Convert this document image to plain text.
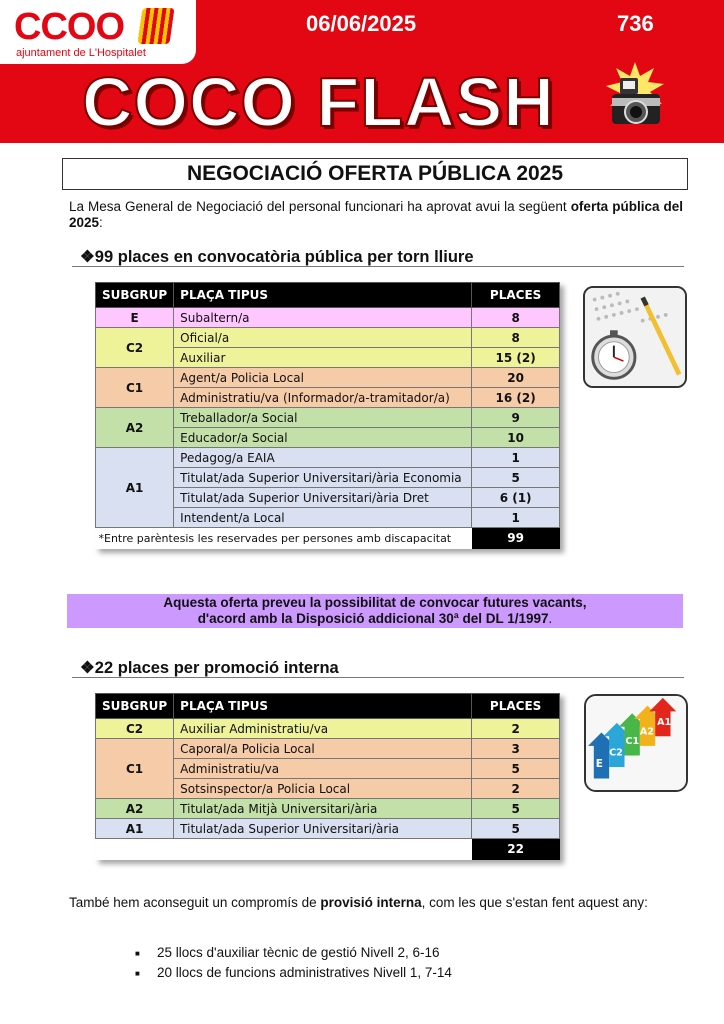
CCOO
ajuntament de L'Hospitalet
06/06/2025	736
COCO FLASH
NEGOCIACIÓ OFERTA PÚBLICA 2025

La Mesa General de Negociació del personal funcionari ha aprovat avui la següent oferta pública del 2025:

❖99 places en convocatòria pública per torn lliure
SUBGRUP	PLAÇA TIPUS	PLACES
E	Subaltern/a	8
C2	Oficial/a	8
	Auxiliar	15 (2)
C1	Agent/a Policia Local	20
	Administratiu/va (Informador/a-tramitador/a)	16 (2)
A2	Treballador/a Social	9
	Educador/a Social	10
A1	Pedagog/a EAIA	1
	Titulat/ada Superior Universitari/ària Economia	5
	Titulat/ada Superior Universitari/ària Dret	6 (1)
	Intendent/a Local	1
*Entre parèntesis les reservades per persones amb discapacitat		99
Aquesta oferta preveu la possibilitat de convocar futures vacants,
d'acord amb la Disposició addicional 30ª del DL 1/1997.
❖22 places per promoció interna
SUBGRUP	PLAÇA TIPUS	PLACES
C2	Auxiliar Administratiu/va	2
C1	Caporal/a Policia Local	3
	Administratiu/va	5
	Sotsinspector/a Policia Local	2
A2	Titulat/ada Mitjà Universitari/ària	5
A1	Titulat/ada Superior Universitari/ària	5
		22
E
C2
C1
A2
A1

També hem aconseguit un compromís de provisió interna, com les que s'estan fent aquest any:

■ 25 llocs d'auxiliar tècnic de gestió Nivell 2, 6-16
■ 20 llocs de funcions administratives Nivell 1, 7-14
